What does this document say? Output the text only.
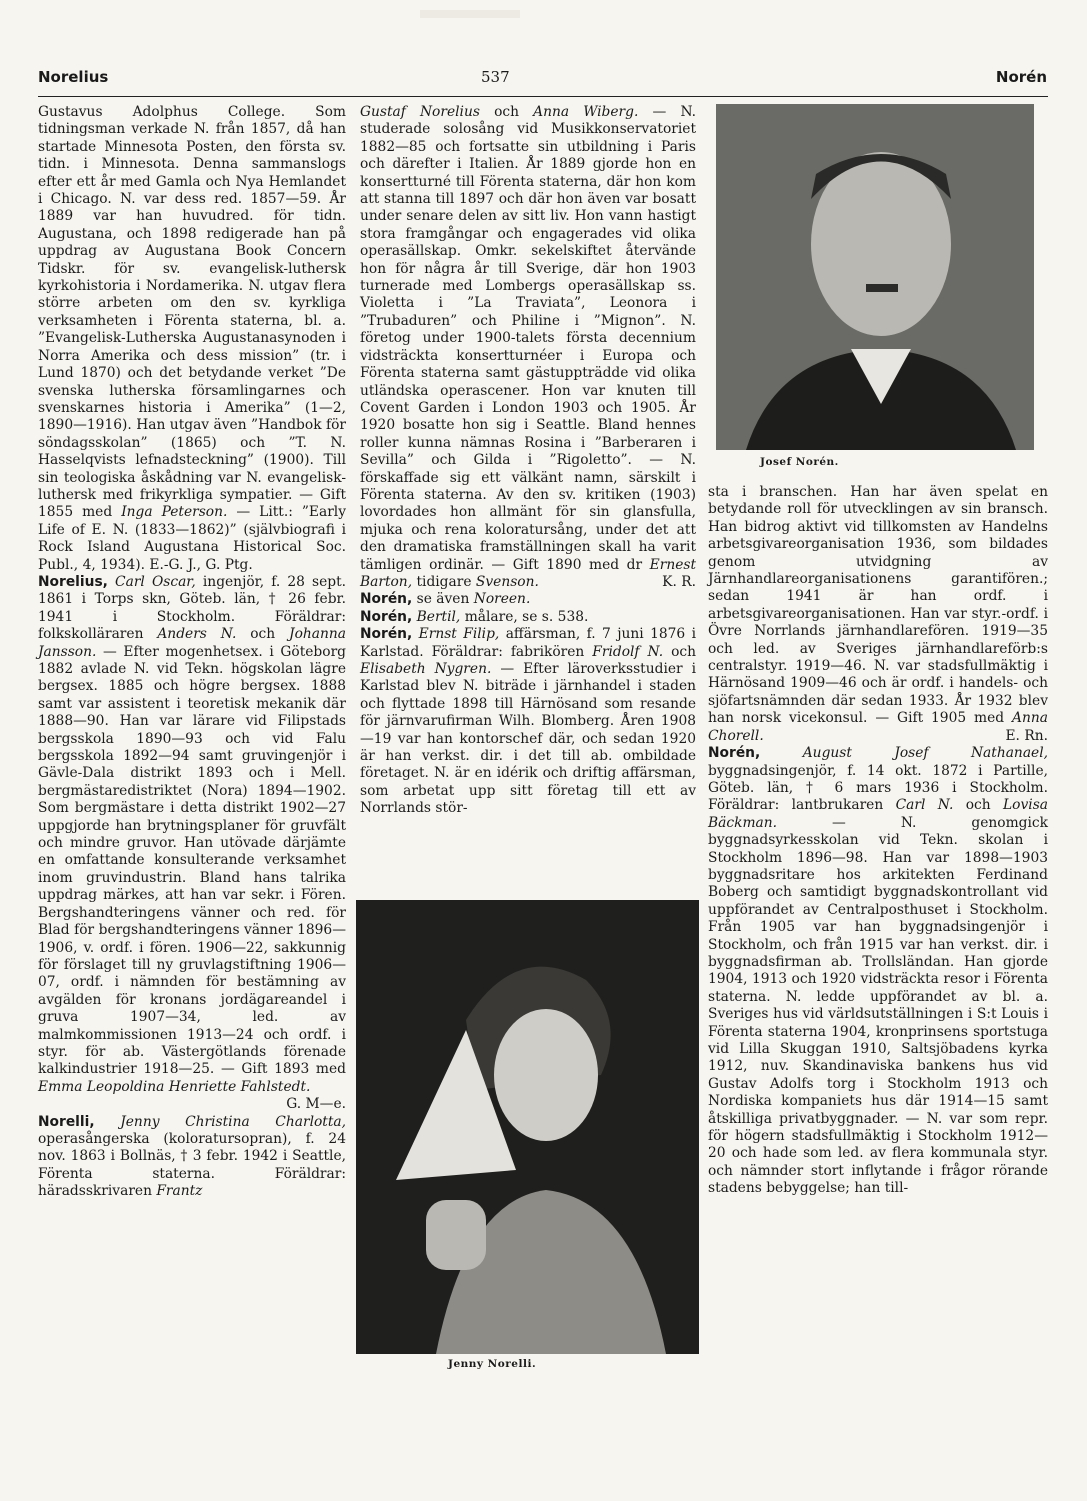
Norelius	537	Norén

Gustavus Adolphus College. Som tidningsman verkade N. från 1857, då han startade Minnesota Posten, den första sv. tidn. i Minnesota. Denna sammanslogs efter ett år med Gamla och Nya Hemlandet i Chicago. N. var dess red. 1857—59. År 1889 var han huvudred. för tidn. Augustana, och 1898 redigerade han på uppdrag av Augustana Book Concern Tidskr. för sv. evangelisk-luthersk kyrkohistoria i Nordamerika. N. utgav flera större arbeten om den sv. kyrkliga verksamheten i Förenta staterna, bl. a. ”Evangelisk-Lutherska Augustanasynoden i Norra Amerika och dess mission” (tr. i Lund 1870) och det betydande verket ”De svenska lutherska församlingarnes och svenskarnes historia i Amerika” (1—2, 1890—1916). Han utgav även ”Handbok för söndagsskolan” (1865) och ”T. N. Hasselqvists lefnadsteckning” (1900). Till sin teologiska åskådning var N. evangelisk-luthersk med frikyrkliga sympatier. — Gift 1855 med Inga Peterson. — Litt.: ”Early Life of E. N. (1833—1862)” (självbiografi i Rock Island Augustana Historical Soc. Publ., 4, 1934). E.-G. J., G. Ptg.

Norelius, Carl Oscar, ingenjör, f. 28 sept. 1861 i Torps skn, Göteb. län, † 26 febr. 1941 i Stockholm. Föräldrar: folkskolläraren Anders N. och Johanna Jansson. — Efter mogenhetsex. i Göteborg 1882 avlade N. vid Tekn. högskolan lägre bergsex. 1885 och högre bergsex. 1888 samt var assistent i teoretisk mekanik där 1888—90. Han var lärare vid Filipstads bergsskola 1890—93 och vid Falu bergsskola 1892—94 samt gruvingenjör i Gävle-Dala distrikt 1893 och i Mell. bergmästaredistriktet (Nora) 1894—1902. Som bergmästare i detta distrikt 1902—27 uppgjorde han brytningsplaner för gruvfält och mindre gruvor. Han utövade därjämte en omfattande konsulterande verksamhet inom gruvindustrin. Bland hans talrika uppdrag märkes, att han var sekr. i Fören. Bergshandteringens vänner och red. för Blad för bergshandteringens vänner 1896—1906, v. ordf. i fören. 1906—22, sakkunnig för förslaget till ny gruvlagstiftning 1906—07, ordf. i nämnden för bestämning av avgälden för kronans jordägareandel i gruva 1907—34, led. av malmkommissionen 1913—24 och ordf. i styr. för ab. Västergötlands förenade kalkindustrier 1918—25. — Gift 1893 med Emma Leopoldina Henriette Fahlstedt.
G. M—e.

Norelli, Jenny Christina Charlotta, operasångerska (koloratursopran), f. 24 nov. 1863 i Bollnäs, † 3 febr. 1942 i Seattle, Förenta staterna. Föräldrar: häradsskrivaren Frantz

Gustaf Norelius och Anna Wiberg. — N. studerade solosång vid Musikkonservatoriet 1882—85 och fortsatte sin utbildning i Paris och därefter i Italien. År 1889 gjorde hon en konsertturné till Förenta staterna, där hon kom att stanna till 1897 och där hon även var bosatt under senare delen av sitt liv. Hon vann hastigt stora framgångar och engagerades vid olika operasällskap. Omkr. sekelskiftet återvände hon för några år till Sverige, där hon 1903 turnerade med Lombergs operasällskap ss. Violetta i ”La Traviata”, Leonora i ”Trubaduren” och Philine i ”Mignon”. N. företog under 1900-talets första decennium vidsträckta konsertturnéer i Europa och Förenta staterna samt gästuppträdde vid olika utländska operascener. Hon var knuten till Covent Garden i London 1903 och 1905. År 1920 bosatte hon sig i Seattle. Bland hennes roller kunna nämnas Rosina i ”Barberaren i Sevilla” och Gilda i ”Rigoletto”. — N. förskaffade sig ett välkänt namn, särskilt i Förenta staterna. Av den sv. kritiken (1903) lovordades hon allmänt för sin glansfulla, mjuka och rena koloratursång, under det att den dramatiska framställningen skall ha varit tämligen ordinär. — Gift 1890 med dr Ernest Barton, tidigare Svenson.	K. R.

Norén, se även Noreen.

Norén, Bertil, målare, se s. 538.

Norén, Ernst Filip, affärsman, f. 7 juni 1876 i Karlstad. Föräldrar: fabrikören Fridolf N. och Elisabeth Nygren. — Efter läroverksstudier i Karlstad blev N. biträde i järnhandel i staden och flyttade 1898 till Härnösand som resande för järnvarufirman Wilh. Blomberg. Åren 1908—19 var han kontorschef där, och sedan 1920 är han verkst. dir. i det till ab. ombildade företaget. N. är en idérik och driftig affärsman, som arbetat upp sitt företag till ett av Norrlands stör-

Josef Norén.
Jenny Norelli.

sta i branschen. Han har även spelat en betydande roll för utvecklingen av sin bransch. Han bidrog aktivt vid tillkomsten av Handelns arbetsgivareorganisation 1936, som bildades genom utvidgning av Järnhandlareorganisationens garantifören.; sedan 1941 är han ordf. i arbetsgivareorganisationen. Han var styr.-ordf. i Övre Norrlands järnhandlarefören. 1919—35 och led. av Sveriges järnhandlareförb:s centralstyr. 1919—46. N. var stadsfullmäktig i Härnösand 1909—46 och är ordf. i handels- och sjöfartsnämnden där sedan 1933. År 1932 blev han norsk vicekonsul. — Gift 1905 med Anna Chorell.	E. Rn.

Norén,	August Josef Nathanael, byggnadsingenjör, f. 14 okt. 1872 i Partille, Göteb. län, † 6 mars 1936 i Stockholm. Föräldrar: lantbrukaren Carl N. och Lovisa Bäckman.	— N. genomgick byggnadsyrkesskolan vid Tekn. skolan i Stockholm 1896—98. Han var 1898—1903 byggnadsritare hos arkitekten Ferdinand Boberg och samtidigt byggnadskontrollant vid uppförandet av Centralposthuset i Stockholm. Från 1905 var han byggnadsingenjör i Stockholm, och från 1915 var han verkst. dir. i byggnadsfirman ab. Trollsländan. Han gjorde 1904, 1913 och 1920 vidsträckta resor i Förenta staterna. N. ledde uppförandet av bl. a. Sveriges hus vid världsutställningen i S:t Louis i Förenta staterna 1904, kronprinsens sportstuga vid Lilla Skuggan 1910, Saltsjöbadens kyrka 1912, nuv. Skandinaviska bankens hus vid Gustav Adolfs torg i Stockholm 1913 och Nordiska kompaniets hus där 1914—15 samt åtskilliga privatbyggnader. — N. var som repr. för högern stadsfullmäktig i Stockholm 1912—20 och hade som led. av flera kommunala styr. och nämnder stort inflytande i frågor rörande stadens bebyggelse; han till-
